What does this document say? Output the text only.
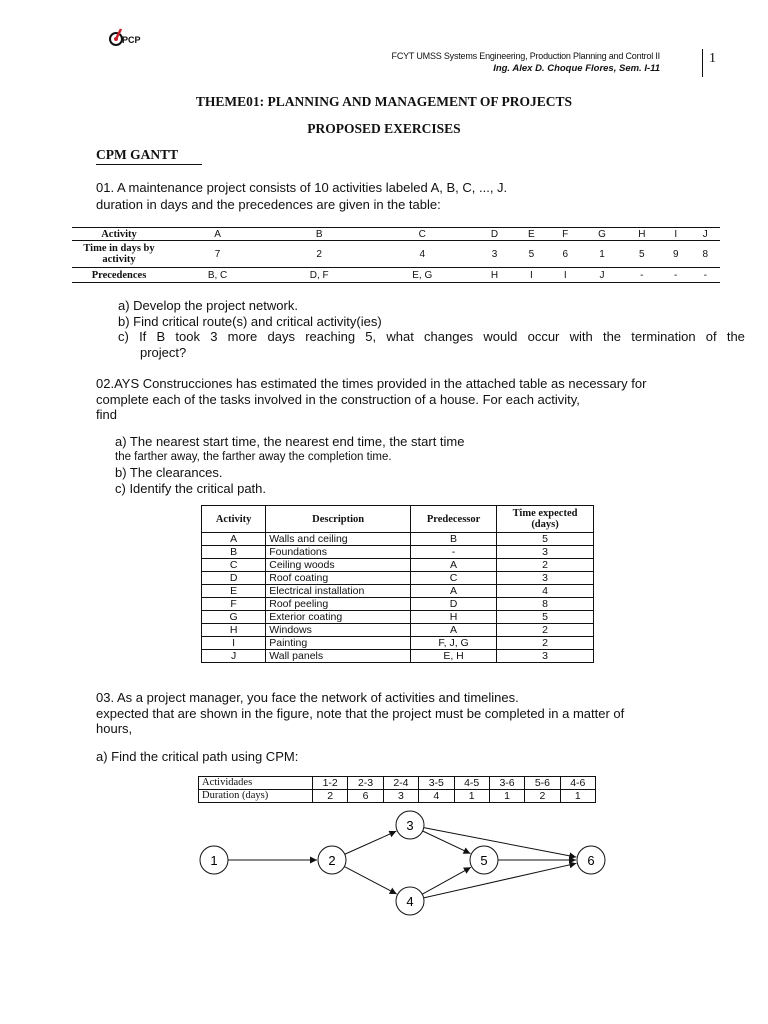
PCP
FCYT UMSS Systems Engineering, Production Planning and Control II
Ing. Alex D. Choque Flores, Sem. I-11
1
THEME01: PLANNING AND MANAGEMENT OF PROJECTS
PROPOSED EXERCISES
CPM GANTT
01. A maintenance project consists of 10 activities labeled A, B, C, ..., J.
duration in days and the precedences are given in the table:
Activity	A	B	C	D	E	F	G	H	I	J
Time in days by activity	7	2	4	3	5	6	1	5	9	8
Precedences	B, C	D, F	E, G	H	I	I	J	-	-	-
a) Develop the project network.
b) Find critical route(s) and critical activity(ies)
c) If B took 3 more days reaching 5, what changes would occur with the termination of the
project?
02.AYS Construcciones has estimated the times provided in the attached table as necessary for
complete each of the tasks involved in the construction of a house. For each activity,
find
a) The nearest start time, the nearest end time, the start time
the farther away, the farther away the completion time.
b) The clearances.
c) Identify the critical path.
Activity	Description	Predecessor	Time expected (days)
A	Walls and ceiling	B	5
B	Foundations	-	3
C	Ceiling woods	A	2
D	Roof coating	C	3
E	Electrical installation	A	4
F	Roof peeling	D	8
G	Exterior coating	H	5
H	Windows	A	2
I	Painting	F, J, G	2
J	Wall panels	E, H	3
03. As a project manager, you face the network of activities and timelines.
expected that are shown in the figure, note that the project must be completed in a matter of
hours,
a) Find the critical path using CPM:
Actividades	1-2	2-3	2-4	3-5	4-5	3-6	5-6	4-6
Duration (days)	2	6	3	4	1	1	2	1
1	2
3
4
5	6
